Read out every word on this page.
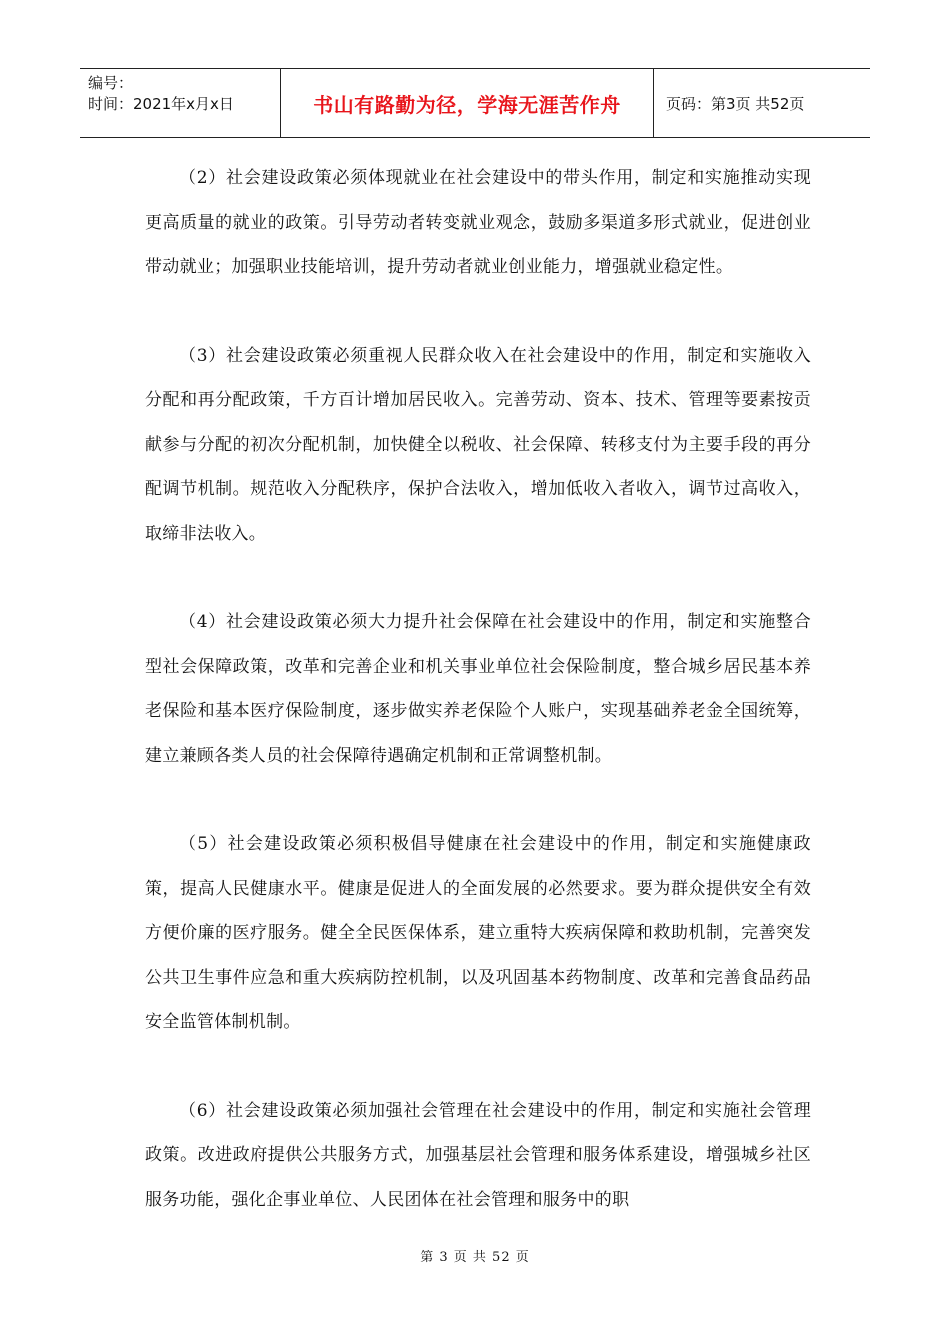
编号：
时间：2021年x月x日	书山有路勤为径，学海无涯苦作舟	页码：第3页 共52页

（2）社会建设政策必须体现就业在社会建设中的带头作用，制定和实施推动实现更高质量的就业的政策。引导劳动者转变就业观念，鼓励多渠道多形式就业，促进创业带动就业；加强职业技能培训，提升劳动者就业创业能力，增强就业稳定性。

（3）社会建设政策必须重视人民群众收入在社会建设中的作用，制定和实施收入分配和再分配政策，千方百计增加居民收入。完善劳动、资本、技术、管理等要素按贡献参与分配的初次分配机制，加快健全以税收、社会保障、转移支付为主要手段的再分配调节机制。规范收入分配秩序，保护合法收入，增加低收入者收入，调节过高收入，取缔非法收入。

（4）社会建设政策必须大力提升社会保障在社会建设中的作用，制定和实施整合型社会保障政策，改革和完善企业和机关事业单位社会保险制度，整合城乡居民基本养老保险和基本医疗保险制度，逐步做实养老保险个人账户，实现基础养老金全国统筹，建立兼顾各类人员的社会保障待遇确定机制和正常调整机制。

（5）社会建设政策必须积极倡导健康在社会建设中的作用，制定和实施健康政策，提高人民健康水平。健康是促进人的全面发展的必然要求。要为群众提供安全有效方便价廉的医疗服务。健全全民医保体系，建立重特大疾病保障和救助机制，完善突发公共卫生事件应急和重大疾病防控机制，以及巩固基本药物制度、改革和完善食品药品安全监管体制机制。

（6）社会建设政策必须加强社会管理在社会建设中的作用，制定和实施社会管理政策。改进政府提供公共服务方式，加强基层社会管理和服务体系建设，增强城乡社区服务功能，强化企事业单位、人民团体在社会管理和服务中的职

第 3 页 共 52 页
